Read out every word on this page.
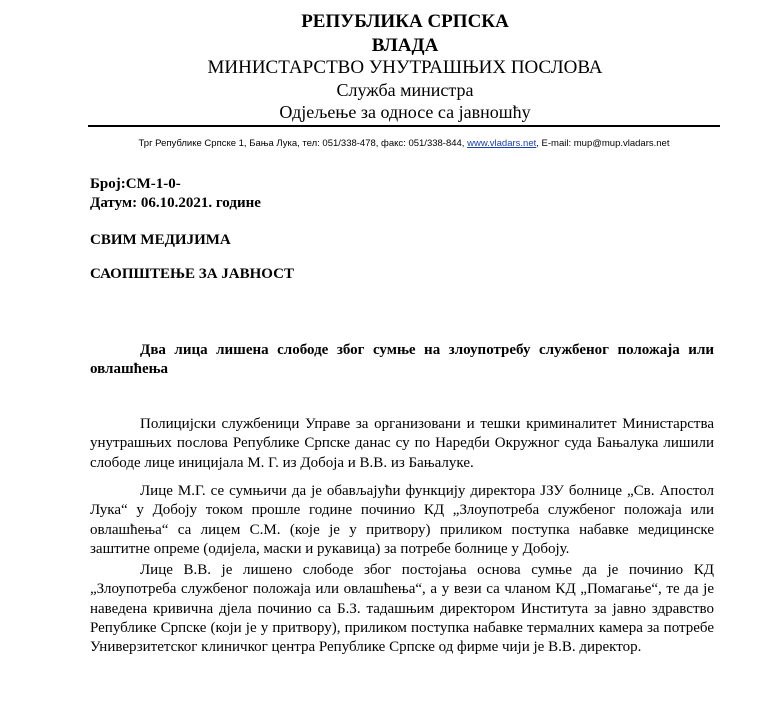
РЕПУБЛИКА СРПСКА
ВЛАДА
МИНИСТАРСТВО УНУТРАШЊИХ ПОСЛОВА
Служба министра
Одјељење за односе са јавношћу
Трг Републике Српске 1, Бања Лука, тел: 051/338-478, факс: 051/338-844, www.vladars.net, E-mail: mup@mup.vladars.net
Број:СМ-1-0-
Датум: 06.10.2021. године
СВИМ МЕДИЈИМА
САОПШТЕЊЕ ЗА ЈАВНОСТ

Два лица лишена слободе због сумње на злоупотребу службеног положаја или овлашћења

Полицијски службеници Управе за организовани и тешки криминалитет Министарства унутрашњих послова Републике Српске данас су по Наредби Окружног суда Бањалука лишили слободе лице иницијала М. Г. из Добоја и В.В. из Бањалуке.

Лице М.Г. се сумњичи да је обављајући функцију директора ЈЗУ болнице „Св. Апостол Лука“ у Добоју током прошле године починио КД „Злоупотреба службеног положаја или овлашћења“ са лицем С.М. (које је у притвору) приликом поступка набавке медицинске заштитне опреме (одијела, маски и рукавица) за потребе болнице у Добоју.

Лице В.В. је лишено слободе због постојања основа сумње да је починио КД „Злоупотреба службеног положаја или овлашћења“, а у вези са чланом КД „Помагање“, те да је наведена кривична дјела починио са Б.З. тадашњим директором Института за јавно здравство Републике Српске (који је у притвору), приликом поступка набавке термалних камера за потребе Универзитетског клиничког центра Републике Српске од фирме чији је В.В. директор.
